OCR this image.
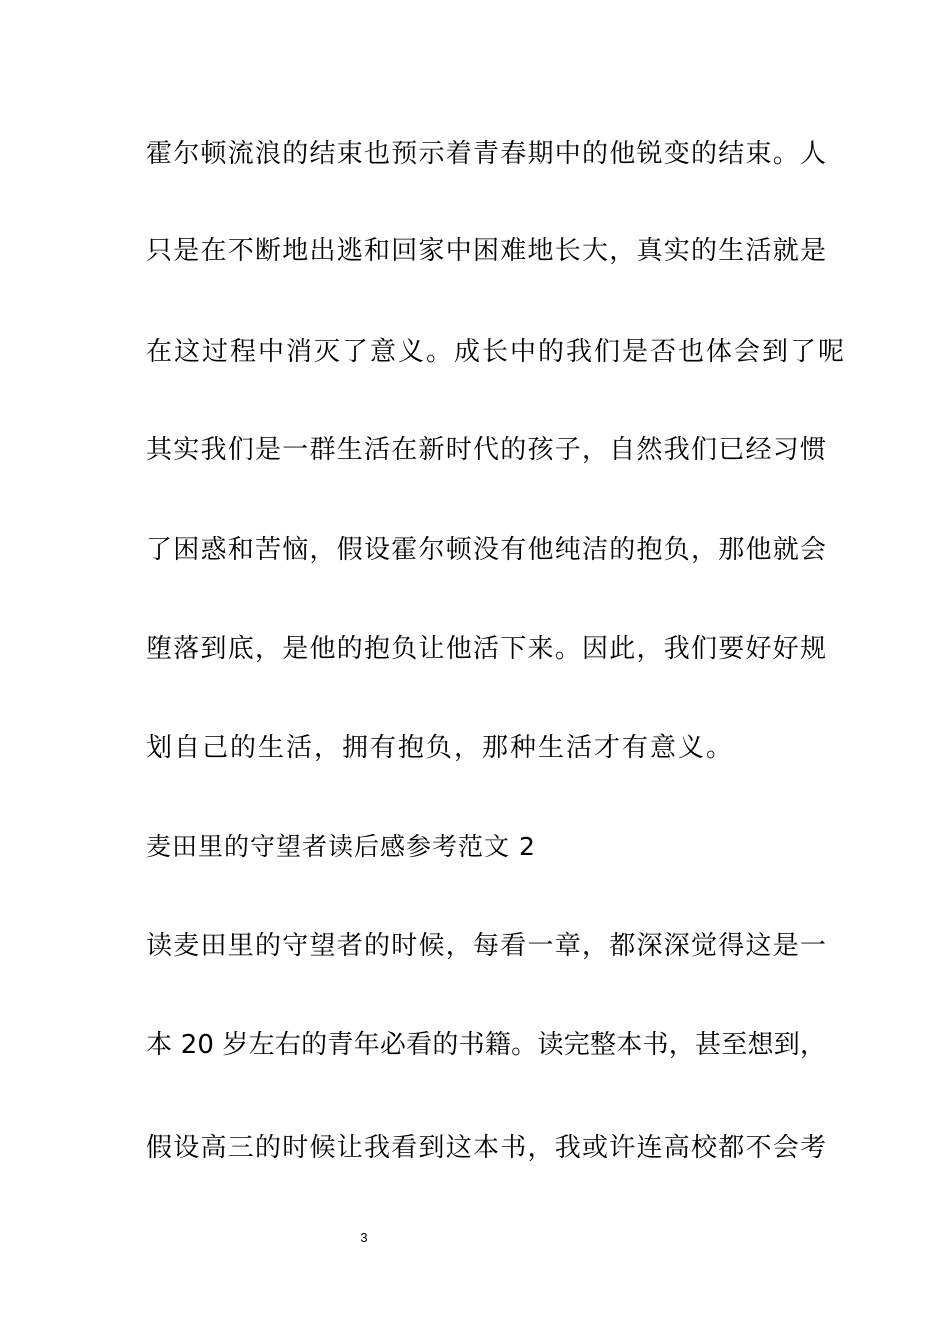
霍尔顿流浪的结束也预示着青春期中的他锐变的结束。人
只是在不断地出逃和回家中困难地长大，真实的生活就是
在这过程中消灭了意义。成长中的我们是否也体会到了呢
其实我们是一群生活在新时代的孩子，自然我们已经习惯
了困惑和苦恼，假设霍尔顿没有他纯洁的抱负，那他就会
堕落到底，是他的抱负让他活下来。因此，我们要好好规
划自己的生活，拥有抱负，那种生活才有意义。
麦田里的守望者读后感参考范文 2
读麦田里的守望者的时候，每看一章，都深深觉得这是一
本 20 岁左右的青年必看的书籍。读完整本书，甚至想到，
假设高三的时候让我看到这本书，我或许连高校都不会考
3
